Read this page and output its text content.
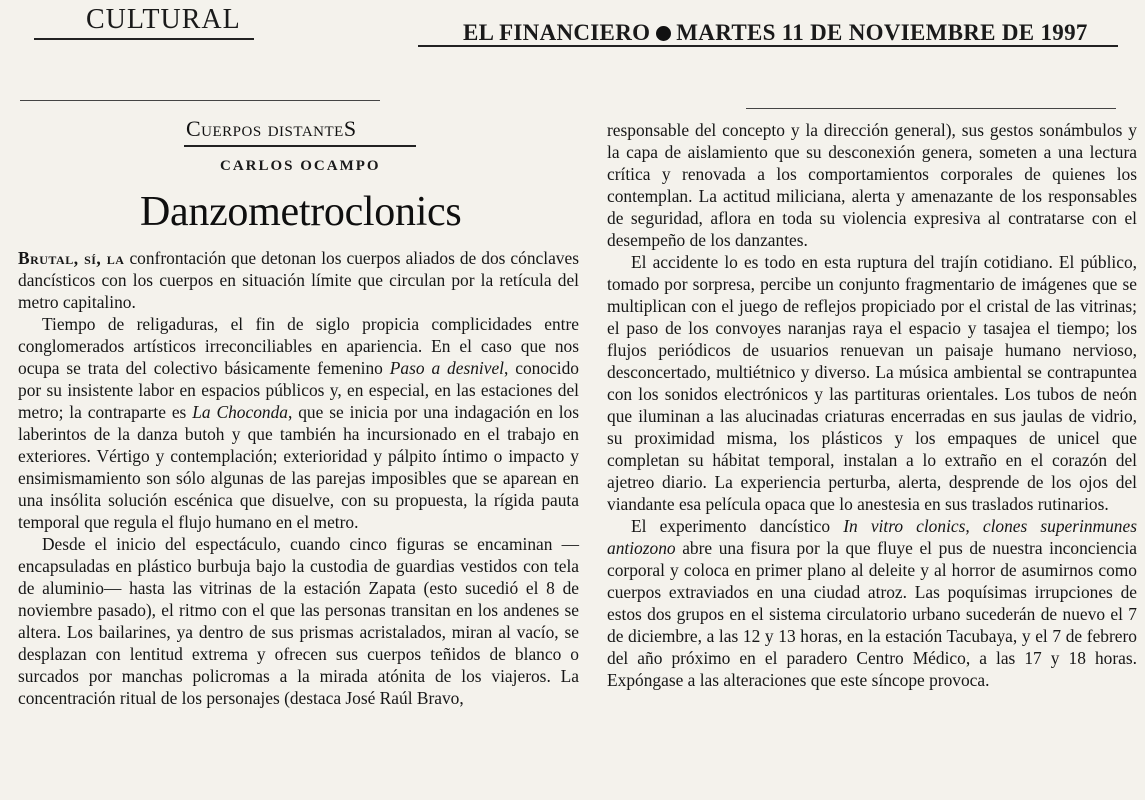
CULTURAL	EL FINANCIERO MARTES 11 DE NOVIEMBRE DE 1997
Cuerpos distanteS
CARLOS OCAMPO
Danzometroclonics

Brutal, sí, la confrontación que detonan los cuerpos aliados de dos cónclaves dancísticos con los cuerpos en situación límite que circulan por la retícula del metro capitalino.

Tiempo de religaduras, el fin de siglo propicia complicidades entre conglomerados artísticos irreconciliables en apariencia. En el caso que nos ocupa se trata del colectivo básicamente femenino Paso a desnivel, conocido por su insistente labor en espacios públicos y, en especial, en las estaciones del metro; la contraparte es La Choconda, que se inicia por una indagación en los laberintos de la danza butoh y que también ha incursionado en el trabajo en exteriores. Vértigo y contemplación; exterioridad y pálpito íntimo o impacto y ensimismamiento son sólo algunas de las parejas imposibles que se aparean en una insólita solución escénica que disuelve, con su propuesta, la rígida pauta temporal que regula el flujo humano en el metro.

Desde el inicio del espectáculo, cuando cinco figuras se encaminan —encapsuladas en plástico burbuja bajo la custodia de guardias vestidos con tela de aluminio— hasta las vitrinas de la estación Zapata (esto sucedió el 8 de noviembre pasado), el ritmo con el que las personas transitan en los andenes se altera. Los bailarines, ya dentro de sus prismas acristalados, miran al vacío, se desplazan con lentitud extrema y ofrecen sus cuerpos teñidos de blanco o surcados por manchas policromas a la mirada atónita de los viajeros. La concentración ritual de los personajes (destaca José Raúl Bravo,

responsable del concepto y la dirección general), sus gestos sonámbulos y la capa de aislamiento que su desconexión genera, someten a una lectura crítica y renovada a los comportamientos corporales de quienes los contemplan. La actitud miliciana, alerta y amenazante de los responsables de seguridad, aflora en toda su violencia expresiva al contratarse con el desempeño de los danzantes.

El accidente lo es todo en esta ruptura del trajín cotidiano. El público, tomado por sorpresa, percibe un conjunto fragmentario de imágenes que se multiplican con el juego de reflejos propiciado por el cristal de las vitrinas; el paso de los convoyes naranjas raya el espacio y tasajea el tiempo; los flujos periódicos de usuarios renuevan un paisaje humano nervioso, desconcertado, multiétnico y diverso. La música ambiental se contrapuntea con los sonidos electrónicos y las partituras orientales. Los tubos de neón que iluminan a las alucinadas criaturas encerradas en sus jaulas de vidrio, su proximidad misma, los plásticos y los empaques de unicel que completan su hábitat temporal, instalan a lo extraño en el corazón del ajetreo diario. La experiencia perturba, alerta, desprende de los ojos del viandante esa película opaca que lo anestesia en sus traslados rutinarios.

El experimento dancístico In vitro clonics, clones superinmunes antiozono abre una fisura por la que fluye el pus de nuestra inconciencia corporal y coloca en primer plano al deleite y al horror de asumirnos como cuerpos extraviados en una ciudad atroz. Las poquísimas irrupciones de estos dos grupos en el sistema circulatorio urbano sucederán de nuevo el 7 de diciembre, a las 12 y 13 horas, en la estación Tacubaya, y el 7 de febrero del año próximo en el paradero Centro Médico, a las 17 y 18 horas. Expóngase a las alteraciones que este síncope provoca.
